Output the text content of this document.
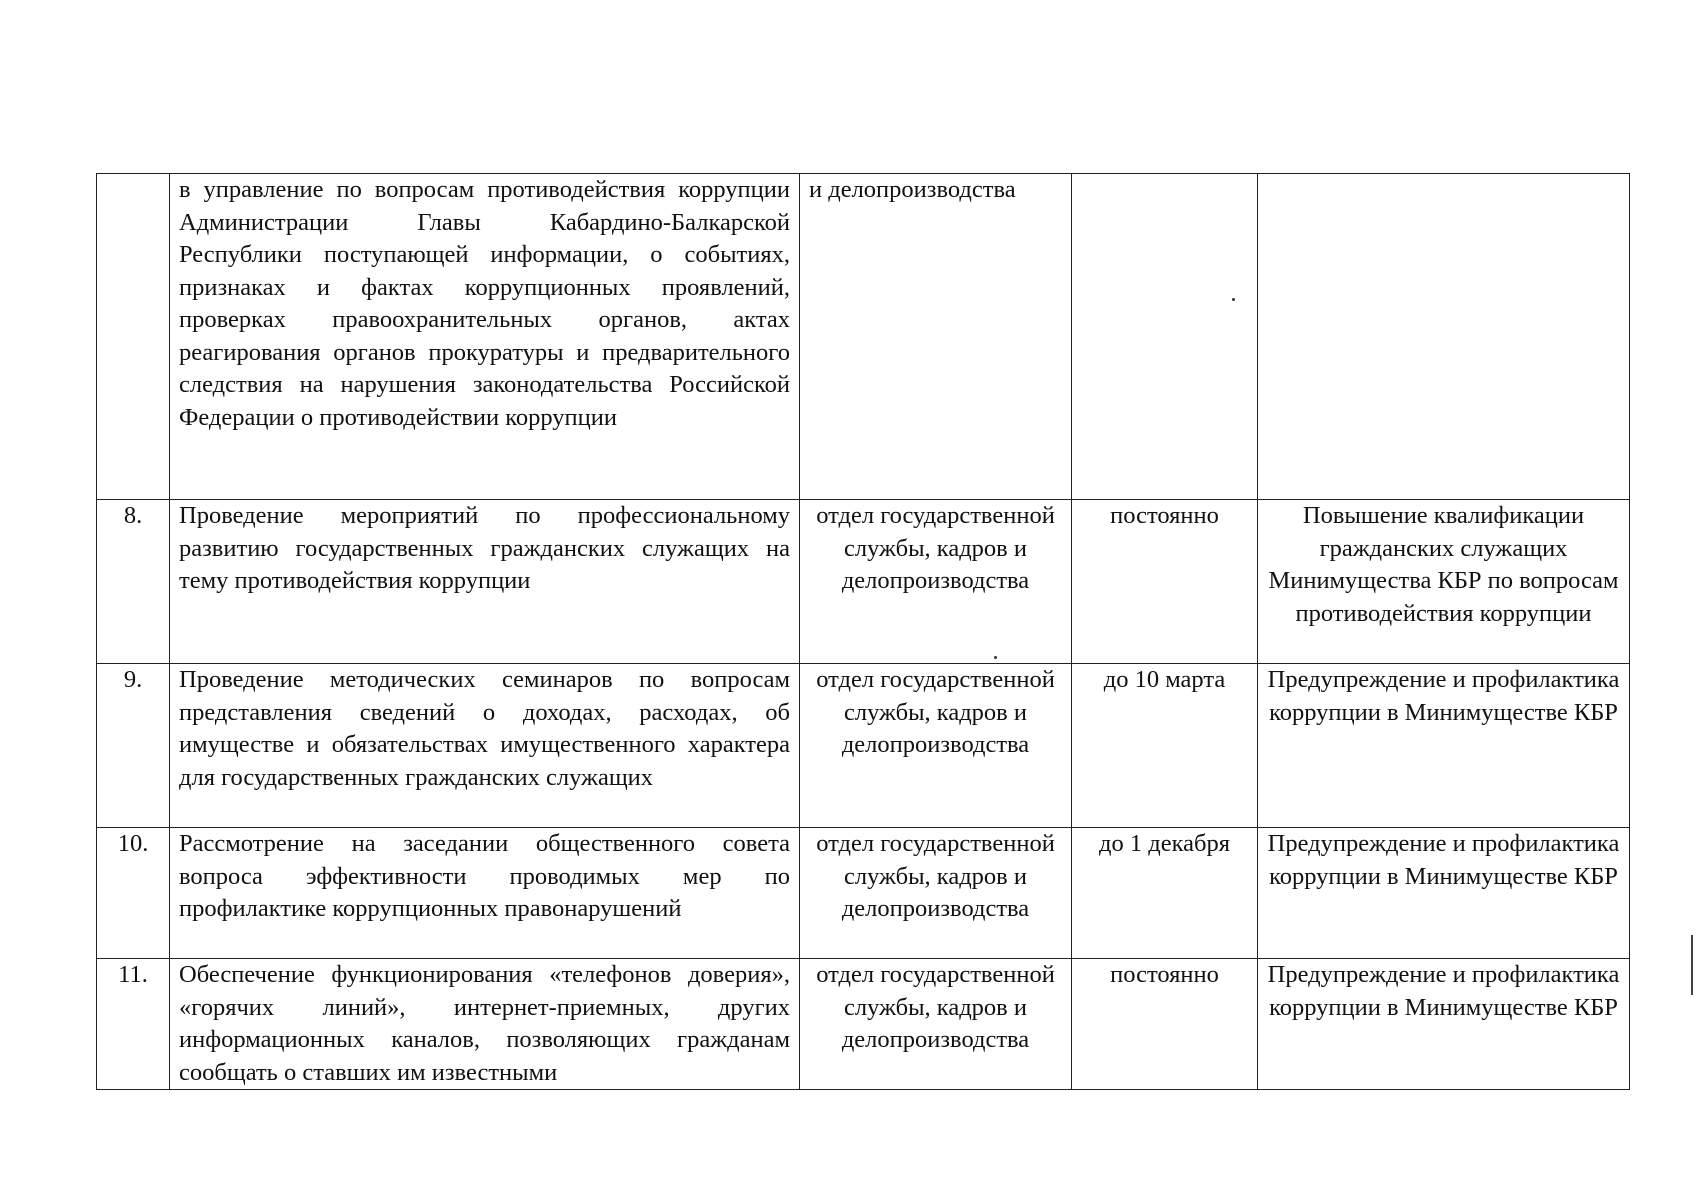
	в управление по вопросам противодействия коррупции Администрации Главы Кабардино-Балкарской Республики поступающей информации, о событиях, признаках и фактах коррупционных проявлений, проверках правоохранительных органов, актах реагирования органов прокуратуры и предварительного следствия на нарушения законодательства Российской Федерации о противодействии коррупции	и делопроизводства		

8.	Проведение мероприятий по профессиональному развитию государственных гражданских служащих на тему противодействия коррупции	отдел государственной службы, кадров и делопроизводства	постоянно	Повышение квалификации гражданских служащих Минимущества КБР по вопросам противодействия коррупции
9.	Проведение методических семинаров по вопросам представления сведений о доходах, расходах, об имуществе и обязательствах имущественного характера для государственных гражданских служащих	отдел государственной службы, кадров и делопроизводства	до 10 марта	Предупреждение и профилактика коррупции в Минимуществе КБР
10.	Рассмотрение на заседании общественного совета вопроса эффективности проводимых мер по профилактике коррупционных правонарушений	отдел государственной службы, кадров и делопроизводства	до 1 декабря	Предупреждение и профилактика коррупции в Минимуществе КБР
11.	Обеспечение функционирования «телефонов доверия», «горячих линий», интернет-приемных, других информационных каналов, позволяющих гражданам сообщать о ставших им известными	отдел государственной службы, кадров и делопроизводства	постоянно	Предупреждение и профилактика коррупции в Минимуществе КБР
